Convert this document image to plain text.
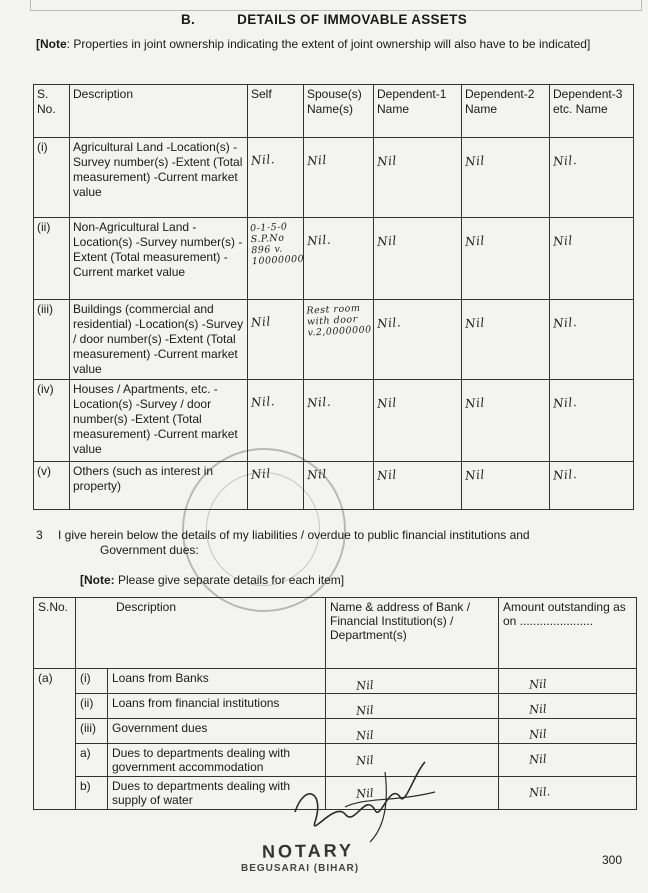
B.	DETAILS OF IMMOVABLE ASSETS
[Note: Properties in joint ownership indicating the extent of joint ownership will also have to be indicated]
S. No.	Description	Self	Spouse(s) Name(s)	Dependent-1 Name	Dependent-2 Name	Dependent-3 etc. Name
(i)	Agricultural Land -Location(s) -Survey number(s) -Extent (Total measurement) -Current market value	Nil.	Nil	Nil	Nil	Nil.

(ii)	Non-Agricultural Land -Location(s) -Survey number(s) -Extent (Total measurement) -Current market value	0-1-5-0 S.P.No 896 v. 10000000	Nil.	Nil	Nil	Nil

(iii)	Buildings (commercial and residential) -Location(s) -Survey / door number(s) -Extent (Total measurement) -Current market value	Nil	Rest room with door v.2,0000000	Nil.	Nil	Nil.

(iv)	Houses / Apartments, etc. -Location(s) -Survey / door number(s) -Extent (Total measurement) -Current market value	Nil.	Nil.	Nil	Nil	Nil.

(v)	Others (such as interest in property)	Nil	Nil	Nil	Nil	Nil.
3 I give herein below the details of my liabilities / overdue to public financial institutions and
Government dues:
[Note: Please give separate details for each item]
S.No.	Description		Name & address of Bank / Financial Institution(s) / Department(s)	Amount outstanding as on ......................
(a)	(i)	Loans from Banks	Nil	Nil

	(ii)	Loans from financial institutions	Nil	Nil

	(iii)	Government dues	Nil	Nil

	a)	Dues to departments dealing with government accommodation	Nil	Nil

	b)	Dues to departments dealing with supply of water	Nil	Nil.
NOTARY
BEGUSARAI (BIHAR)
300
